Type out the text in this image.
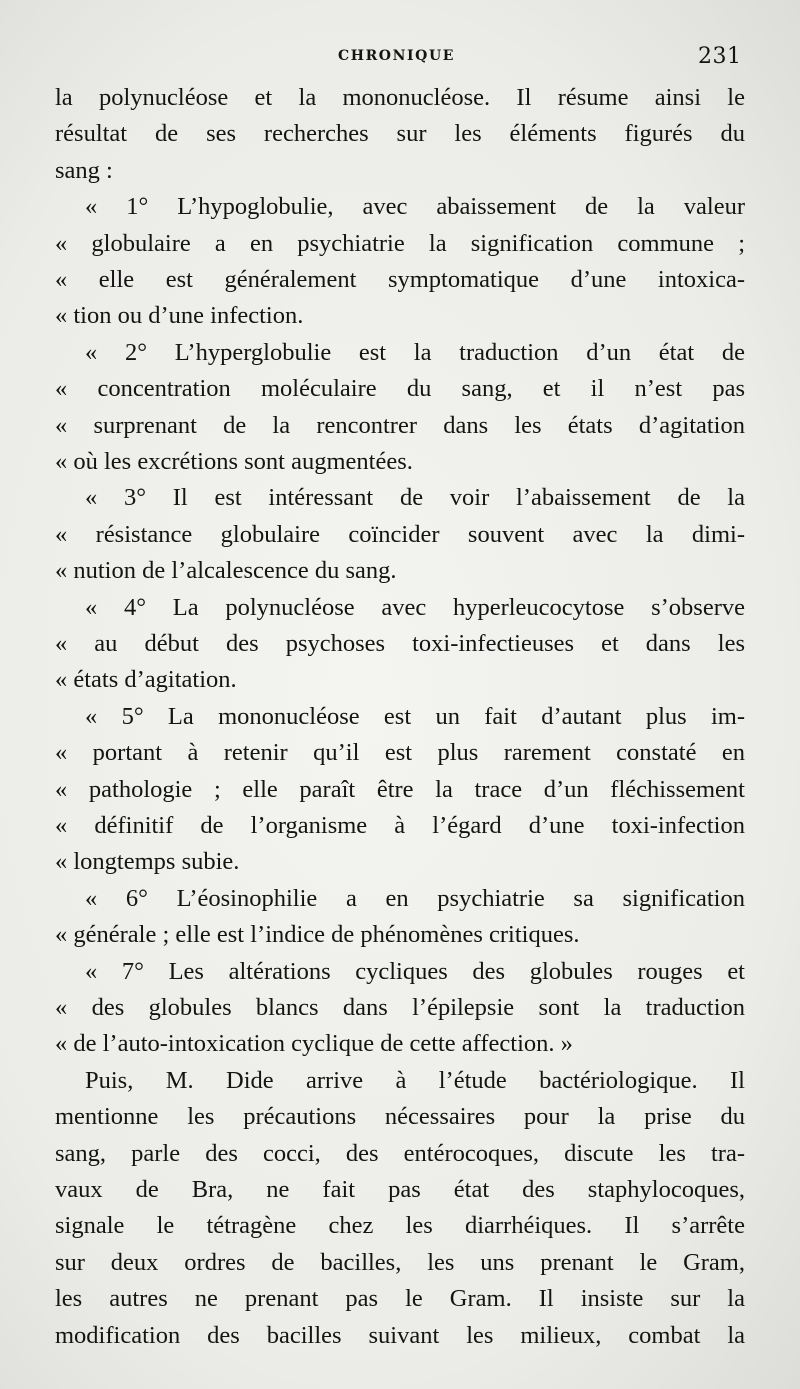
CHRONIQUE	231
la polynucléose et la mononucléose. Il résume ainsi le
résultat de ses recherches sur les éléments figurés du
sang :
« 1° L’hypoglobulie, avec abaissement de la valeur
« globulaire a en psychiatrie la signification commune ;
« elle est généralement symptomatique d’une intoxica-
« tion ou d’une infection.
« 2° L’hyperglobulie est la traduction d’un état de
« concentration moléculaire du sang, et il n’est pas
« surprenant de la rencontrer dans les états d’agitation
« où les excrétions sont augmentées.
« 3° Il est intéressant de voir l’abaissement de la
« résistance globulaire coïncider souvent avec la dimi-
« nution de l’alcalescence du sang.
« 4° La polynucléose avec hyperleucocytose s’observe
« au début des psychoses toxi-infectieuses et dans les
« états d’agitation.
« 5° La mononucléose est un fait d’autant plus im-
« portant à retenir qu’il est plus rarement constaté en
« pathologie ; elle paraît être la trace d’un fléchissement
« définitif de l’organisme à l’égard d’une toxi-infection
« longtemps subie.
« 6° L’éosinophilie a en psychiatrie sa signification
« générale ; elle est l’indice de phénomènes critiques.
« 7° Les altérations cycliques des globules rouges et
« des globules blancs dans l’épilepsie sont la traduction
« de l’auto-intoxication cyclique de cette affection. »
Puis, M. Dide arrive à l’étude bactériologique. Il
mentionne les précautions nécessaires pour la prise du
sang, parle des cocci, des entérocoques, discute les tra-
vaux de Bra, ne fait pas état des staphylocoques,
signale le tétragène chez les diarrhéiques. Il s’arrête
sur deux ordres de bacilles, les uns prenant le Gram,
les autres ne prenant pas le Gram. Il insiste sur la
modification des bacilles suivant les milieux, combat la
